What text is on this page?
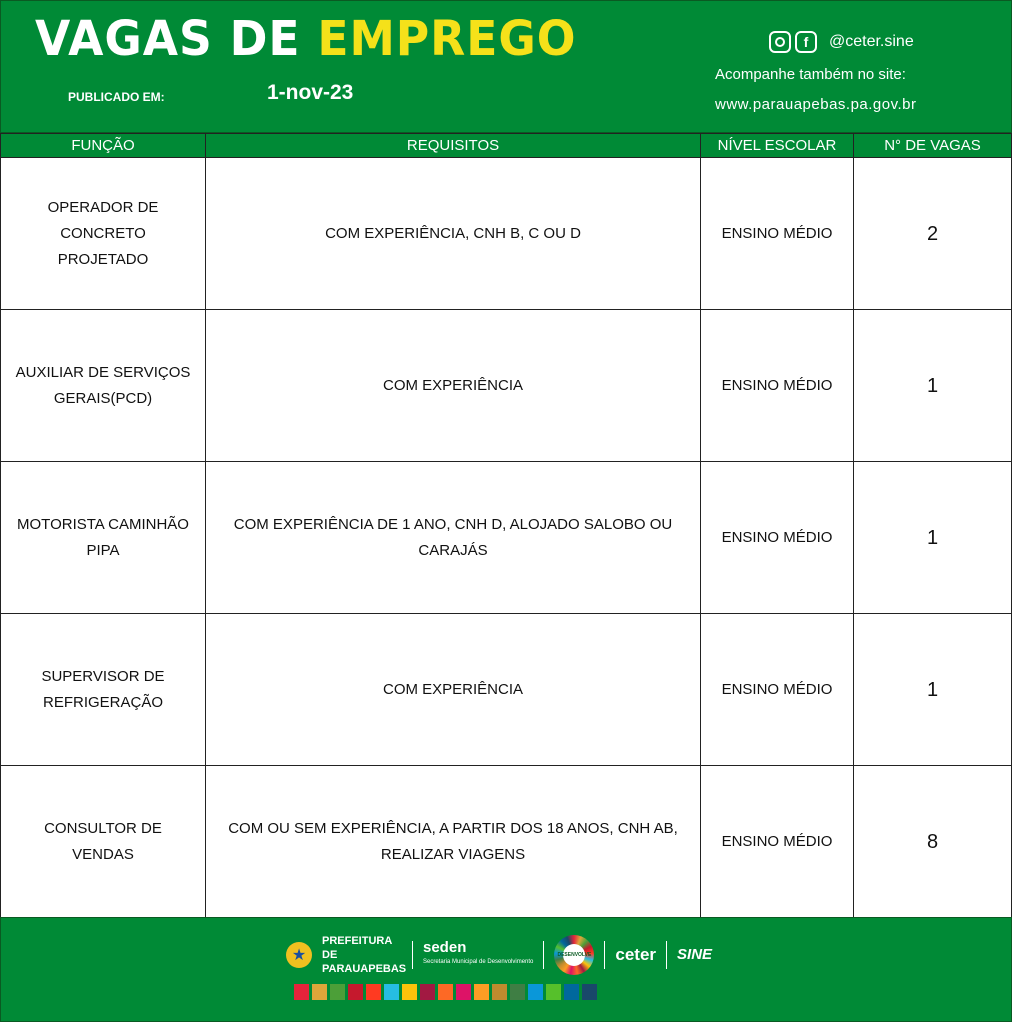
VAGAS DE EMPREGO
PUBLICADO EM:	1-nov-23
f	@ceter.sine
Acompanhe também no site:
www.parauapebas.pa.gov.br
FUNÇÃO	REQUISITOS	NÍVEL ESCOLAR	N° DE VAGAS
OPERADOR DE CONCRETO PROJETADO	COM EXPERIÊNCIA, CNH B, C OU D	ENSINO MÉDIO	2
AUXILIAR DE SERVIÇOS GERAIS(PCD)	COM EXPERIÊNCIA	ENSINO MÉDIO	1
MOTORISTA CAMINHÃO PIPA	COM EXPERIÊNCIA DE 1 ANO, CNH D, ALOJADO SALOBO OU CARAJÁS	ENSINO MÉDIO	1
SUPERVISOR DE REFRIGERAÇÃO	COM EXPERIÊNCIA	ENSINO MÉDIO	1
CONSULTOR DE VENDAS	COM OU SEM EXPERIÊNCIA, A PARTIR DOS 18 ANOS, CNH AB, REALIZAR VIAGENS	ENSINO MÉDIO	8
★
PREFEITURA DE PARAUAPEBAS
seden
Secretaria Municipal de Desenvolvimento
DESENVOLVE ceter SINE
